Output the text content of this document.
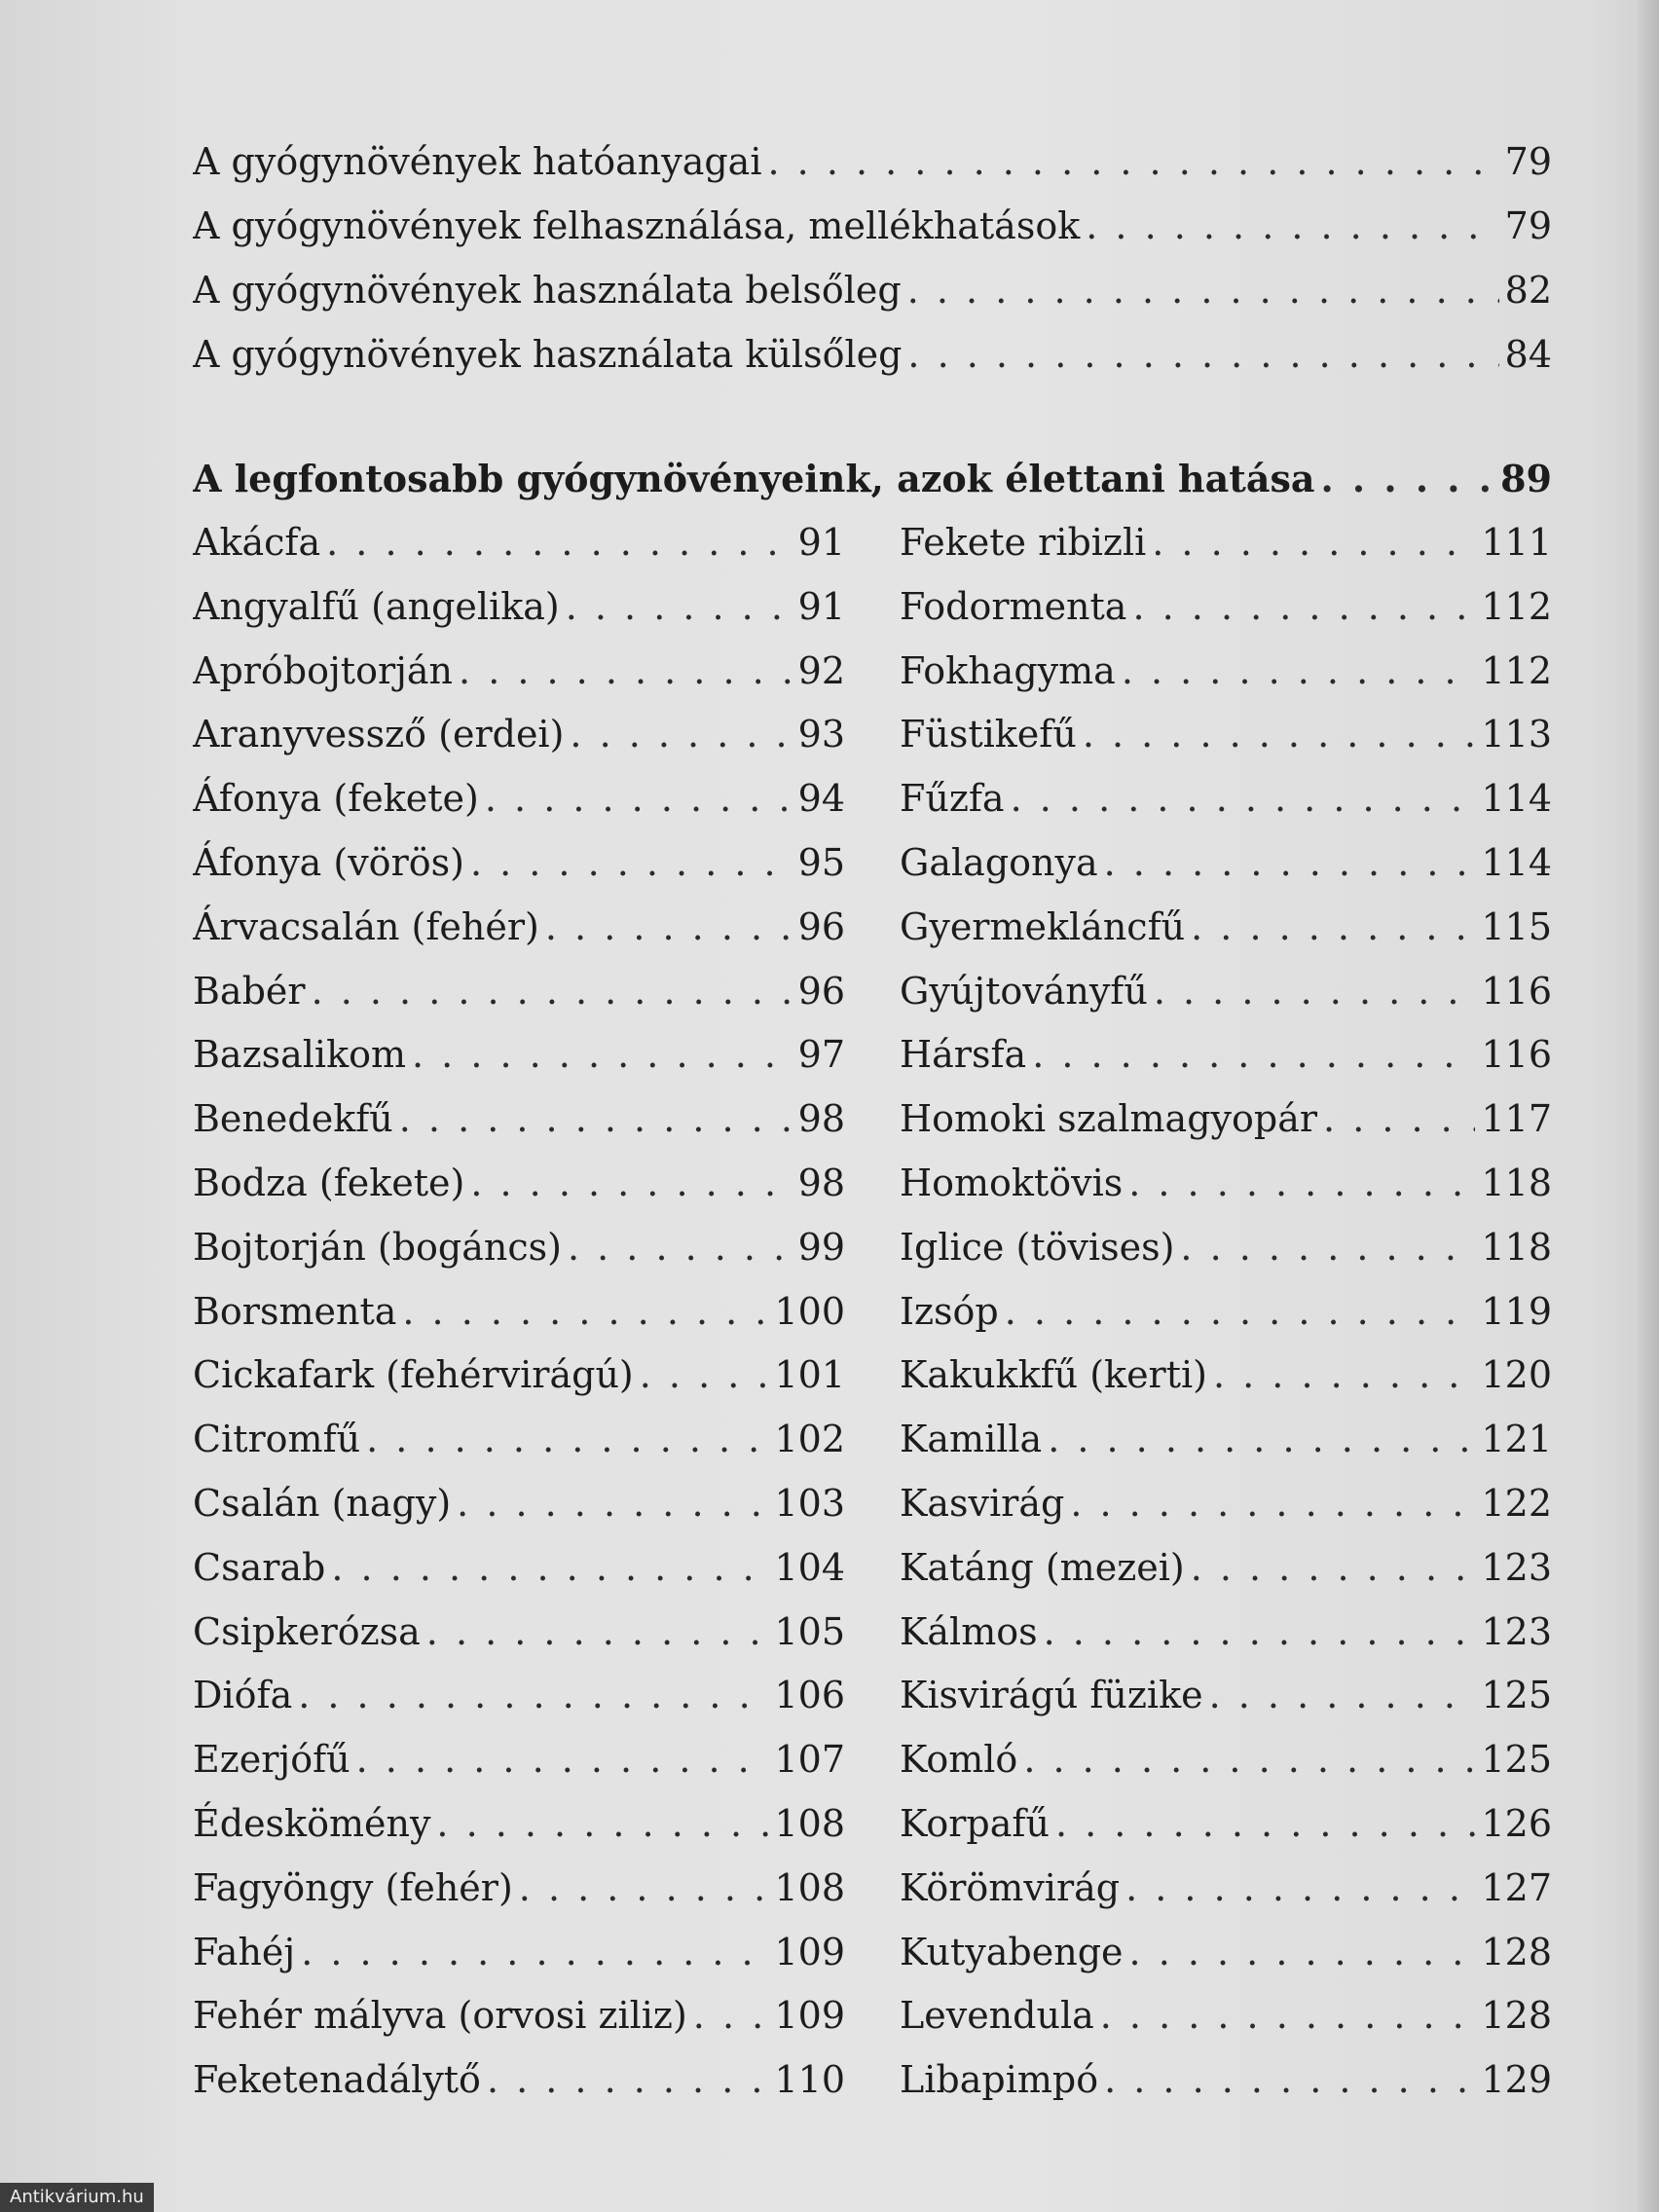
A gyógynövények hatóanyagai . . .	79
A gyógynövények felhasználása, mellékhatások . . .	79
A gyógynövények használata belsőleg . . .	82
A gyógynövények használata külsőleg . . .	84
A legfontosabb gyógynövényeink, azok élettani hatása . . .	89
Akácfa . . .	91
Angyalfű (angelika) . . .	91
Apróbojtorján . . .	92
Aranyvessző (erdei) . . .	93
Áfonya (fekete) . . .	94
Áfonya (vörös) . . .	95
Árvacsalán (fehér) . . .	96
Babér . . .	96
Bazsalikom . . .	97
Benedekfű . . .	98
Bodza (fekete) . . .	98
Bojtorján (bogáncs) . . .	99
Borsmenta . . .	100
Cickafark (fehérvirágú) . . .	101
Citromfű . . .	102
Csalán (nagy) . . .	103
Csarab . . .	104
Csipkerózsa . . .	105
Diófa . . .	106
Ezerjófű . . .	107
Édeskömény . . .	108
Fagyöngy (fehér) . . .	108
Fahéj . . .	109
Fehér mályva (orvosi ziliz) . . . 109
Feketenadálytő . . .	110
Fekete ribizli . . .	111
Fodormenta . . .	112
Fokhagyma . . .	112
Füstikefű . . .	113
Fűzfa . . .	114
Galagonya . . .	114
Gyermekláncfű . . .	115
Gyújtoványfű . . .	116
Hársfa . . .	116
Homoki szalmagyopár . . .	117
Homoktövis . . .	118
Iglice (tövises) . . .	118
Izsóp . . .	119
Kakukkfű (kerti) . . .	120
Kamilla . . .	121
Kasvirág . . .	122
Katáng (mezei) . . .	123
Kálmos . . .	123
Kisvirágú füzike . . .	125
Komló . . .	125
Korpafű . . .	126
Körömvirág . . .	127
Kutyabenge . . .	128
Levendula . . .	128
Libapimpó . . .	129
Antikvárium.hu
